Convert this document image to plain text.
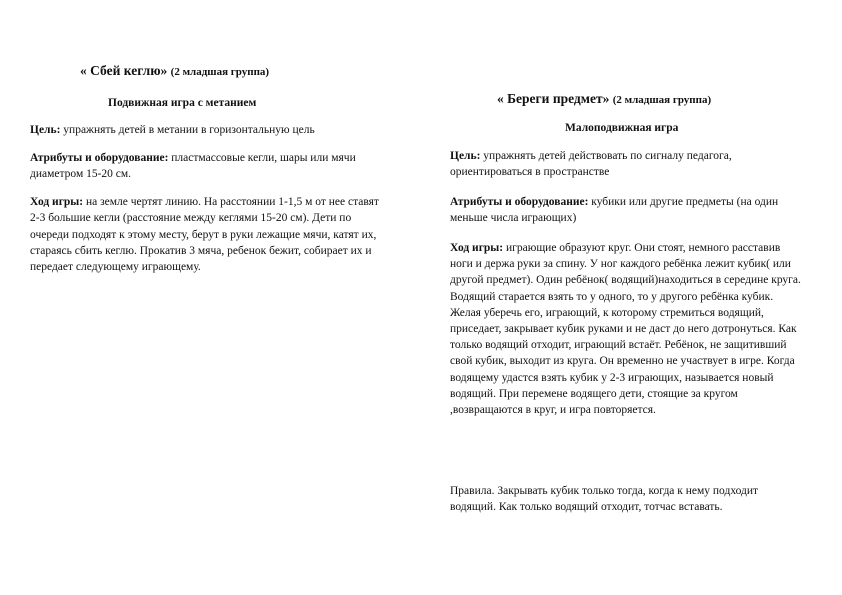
« Сбей кеглю» (2 младшая группа)
Подвижная игра с метанием
Цель: упражнять детей в метании в горизонтальную цель
Атрибуты и оборудование: пластмассовые кегли, шары или мячи диаметром 15-20 см.
Ход игры: на земле чертят линию. На расстоянии 1-1,5 м от нее ставят 2-3 большие кегли (расстояние между кеглями 15-20 см). Дети по очереди подходят к этому месту, берут в руки лежащие мячи, катят их, стараясь сбить кеглю. Прокатив 3 мяча, ребенок бежит, собирает их и передает следующему играющему.
« Береги предмет» (2 младшая группа)
Малоподвижная игра
Цель: упражнять детей действовать по сигналу педагога, ориентироваться в пространстве
Атрибуты и оборудование: кубики или другие предметы (на один меньше числа играющих)
Ход игры: играющие образуют круг. Они стоят, немного расставив ноги и держа руки за спину. У ног каждого ребёнка лежит кубик( или другой предмет). Один ребёнок( водящий)находиться в середине круга. Водящий старается взять то у одного, то у другого ребёнка кубик. Желая уберечь его, играющий, к которому стремиться водящий, приседает, закрывает кубик руками и не даст до него дотронуться. Как только водящий отходит, играющий встаёт. Ребёнок, не защитивший свой кубик, выходит из круга. Он временно не участвует в игре. Когда водящему удастся взять кубик у 2-3 играющих, называется новый водящий. При перемене водящего дети, стоящие за кругом ,возвращаются в круг, и игра повторяется.
Правила. Закрывать кубик только тогда, когда к нему подходит водящий. Как только водящий отходит, тотчас вставать.
